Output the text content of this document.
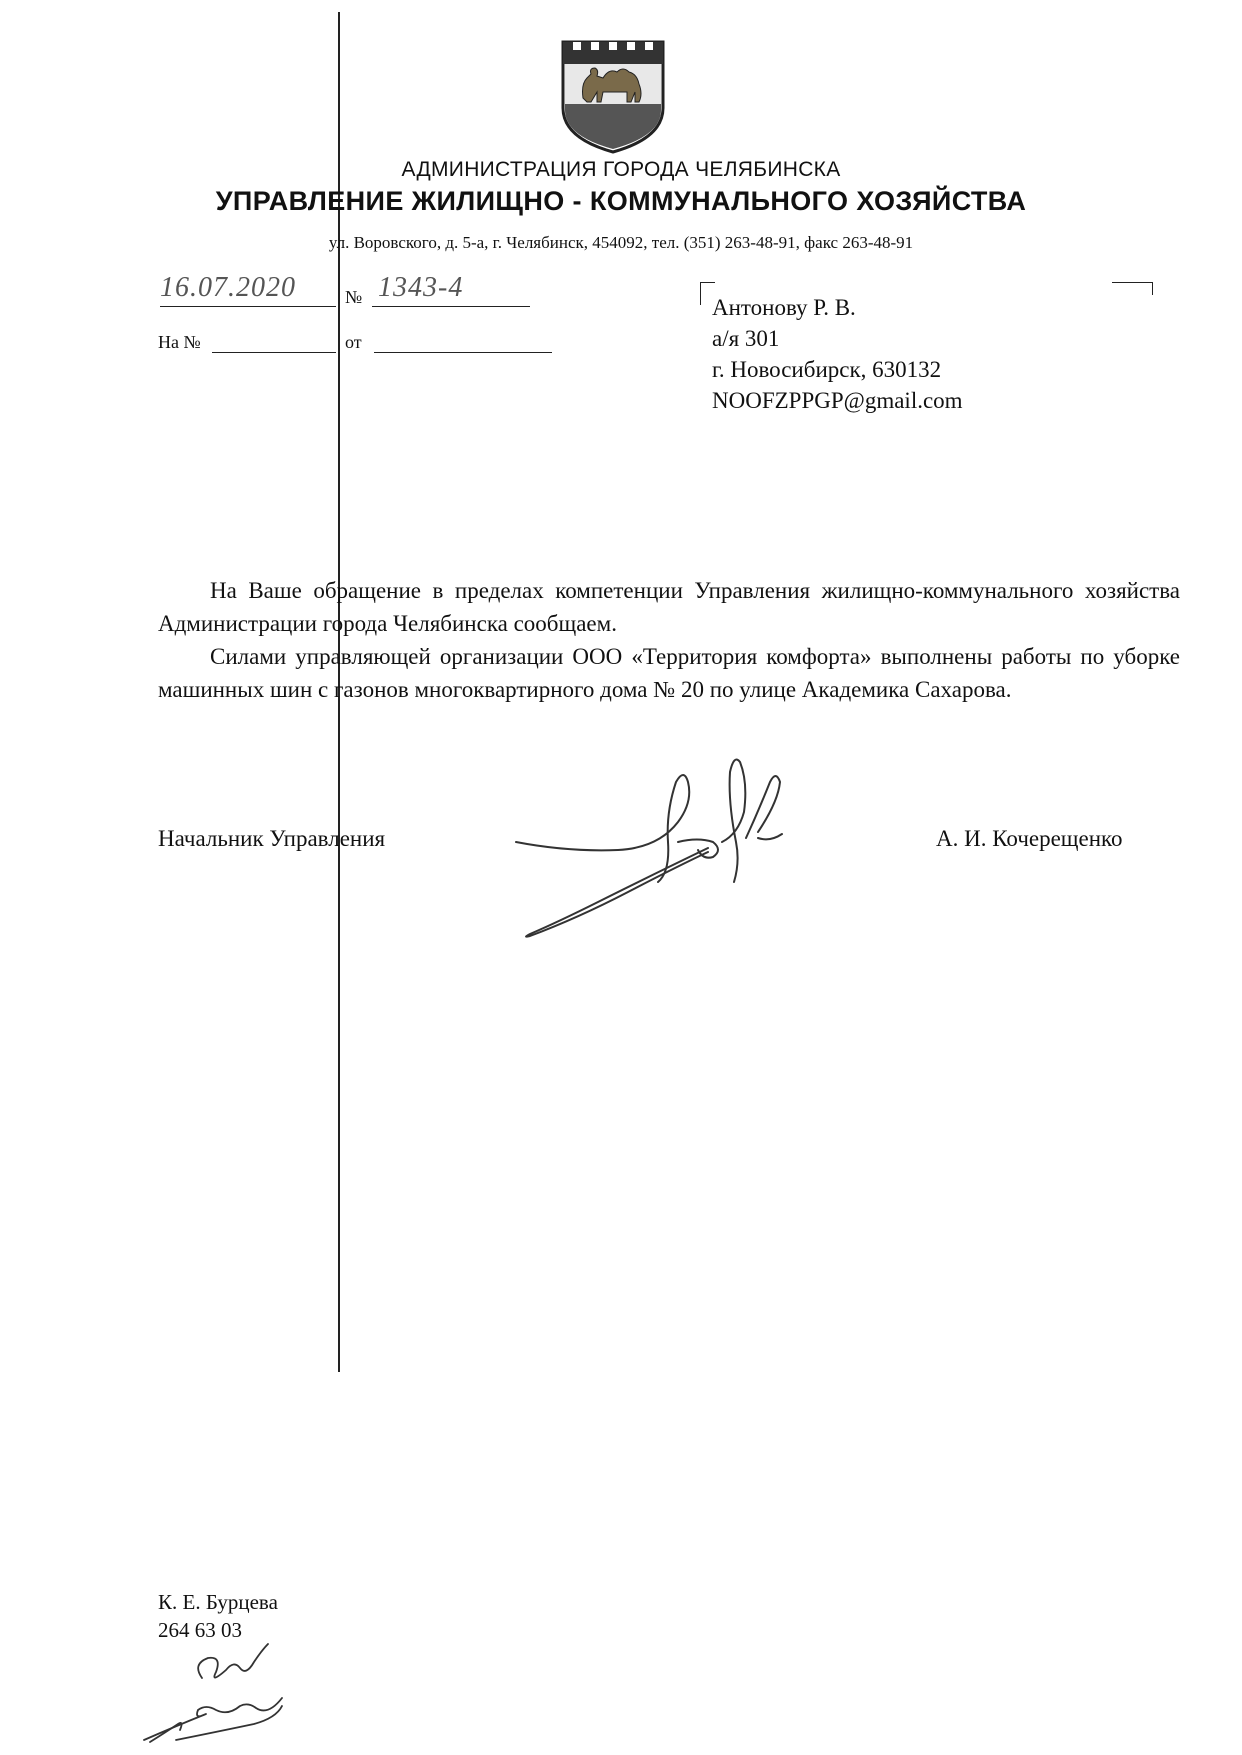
АДМИНИСТРАЦИЯ ГОРОДА ЧЕЛЯБИНСКА
УПРАВЛЕНИЕ ЖИЛИЩНО - КОММУНАЛЬНОГО ХОЗЯЙСТВА
ул. Воровского, д. 5-а, г. Челябинск, 454092, тел. (351) 263-48-91, факс 263-48-91
16.07.2020	№ 1343-4
На №	от
Антонову Р. В.
а/я 301
г. Новосибирск, 630132
NOOFZPPGP@gmail.com

На Ваше обращение в пределах компетенции Управления жилищно-коммунального хозяйства Администрации города Челябинска сообщаем.

Силами управляющей организации ООО «Территория комфорта» выполнены работы по уборке машинных шин с газонов многоквартирного дома № 20 по улице Академика Сахарова.

Начальник Управления	А. И. Кочерещенко
К. Е. Бурцева
264 63 03
